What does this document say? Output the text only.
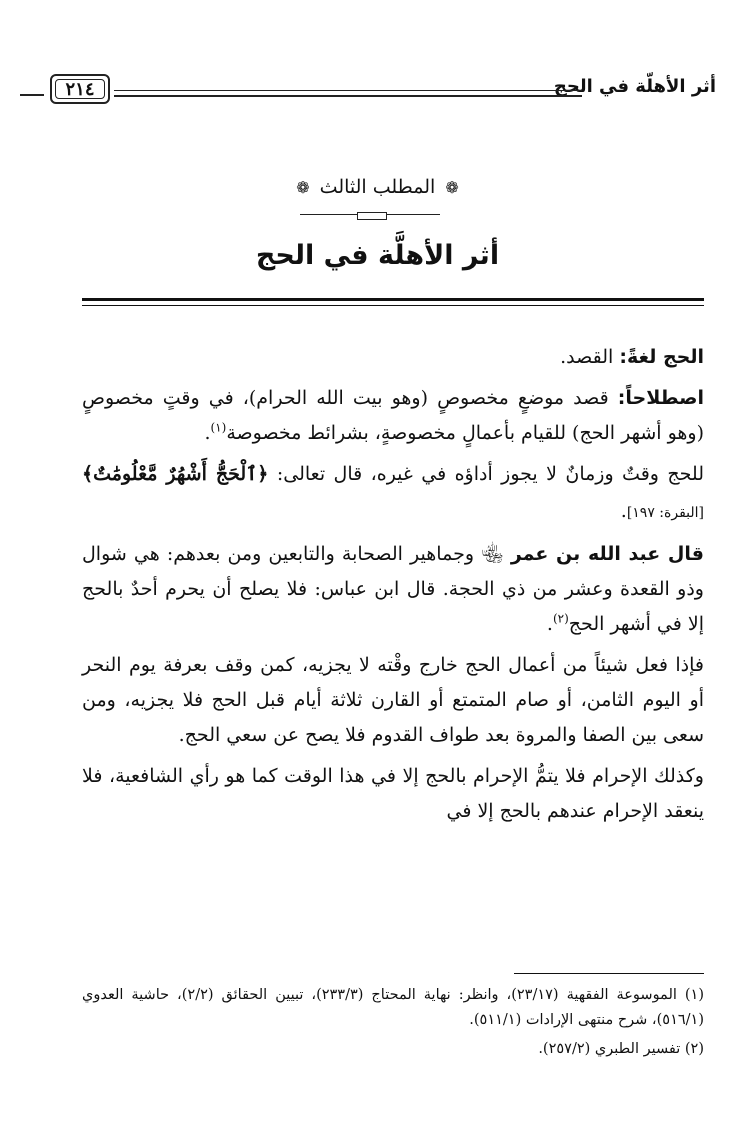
أثر الأهلّة في الحج
٢١٤
❁المطلب الثالث❁
أثر الأهلَّة في الحج

الحج لغةً: القصد.

اصطلاحاً: قصد موضعٍ مخصوصٍ (وهو بيت الله الحرام)، في وقتٍ مخصوصٍ (وهو أشهر الحج) للقيام بأعمالٍ مخصوصةٍ، بشرائط مخصوصة$^{(١)}$.

للحج وقتٌ وزمانٌ لا يجوز أداؤه في غيره، قال تعالى: ﴿ٱلْحَجُّ أَشْهُرٌ مَّعْلُومَٰتٌ﴾ [البقرة: ١٩٧].

قال عبد الله بن عمر ﵄ وجماهير الصحابة والتابعين ومن بعدهم: هي شوال وذو القعدة وعشر من ذي الحجة. قال ابن عباس: فلا يصلح أن يحرم أحدٌ بالحج إلا في أشهر الحج$^{(٢)}$.

فإذا فعل شيئاً من أعمال الحج خارج وقْته لا يجزيه، كمن وقف بعرفة يوم النحر أو اليوم الثامن، أو صام المتمتع أو القارن ثلاثة أيام قبل الحج فلا يجزيه، ومن سعى بين الصفا والمروة بعد طواف القدوم فلا يصح عن سعي الحج.

وكذلك الإحرام فلا يتمُّ الإحرام بالحج إلا في هذا الوقت كما هو رأي الشافعية، فلا ينعقد الإحرام عندهم بالحج إلا في

(١) الموسوعة الفقهية (٢٣/١٧)، وانظر: نهاية المحتاج (٢٣٣/٣)، تبيين الحقائق (٢/٢)، حاشية العدوي (٥١٦/١)، شرح منتهى الإرادات (٥١١/١).

(٢) تفسير الطبري (٢٥٧/٢).
